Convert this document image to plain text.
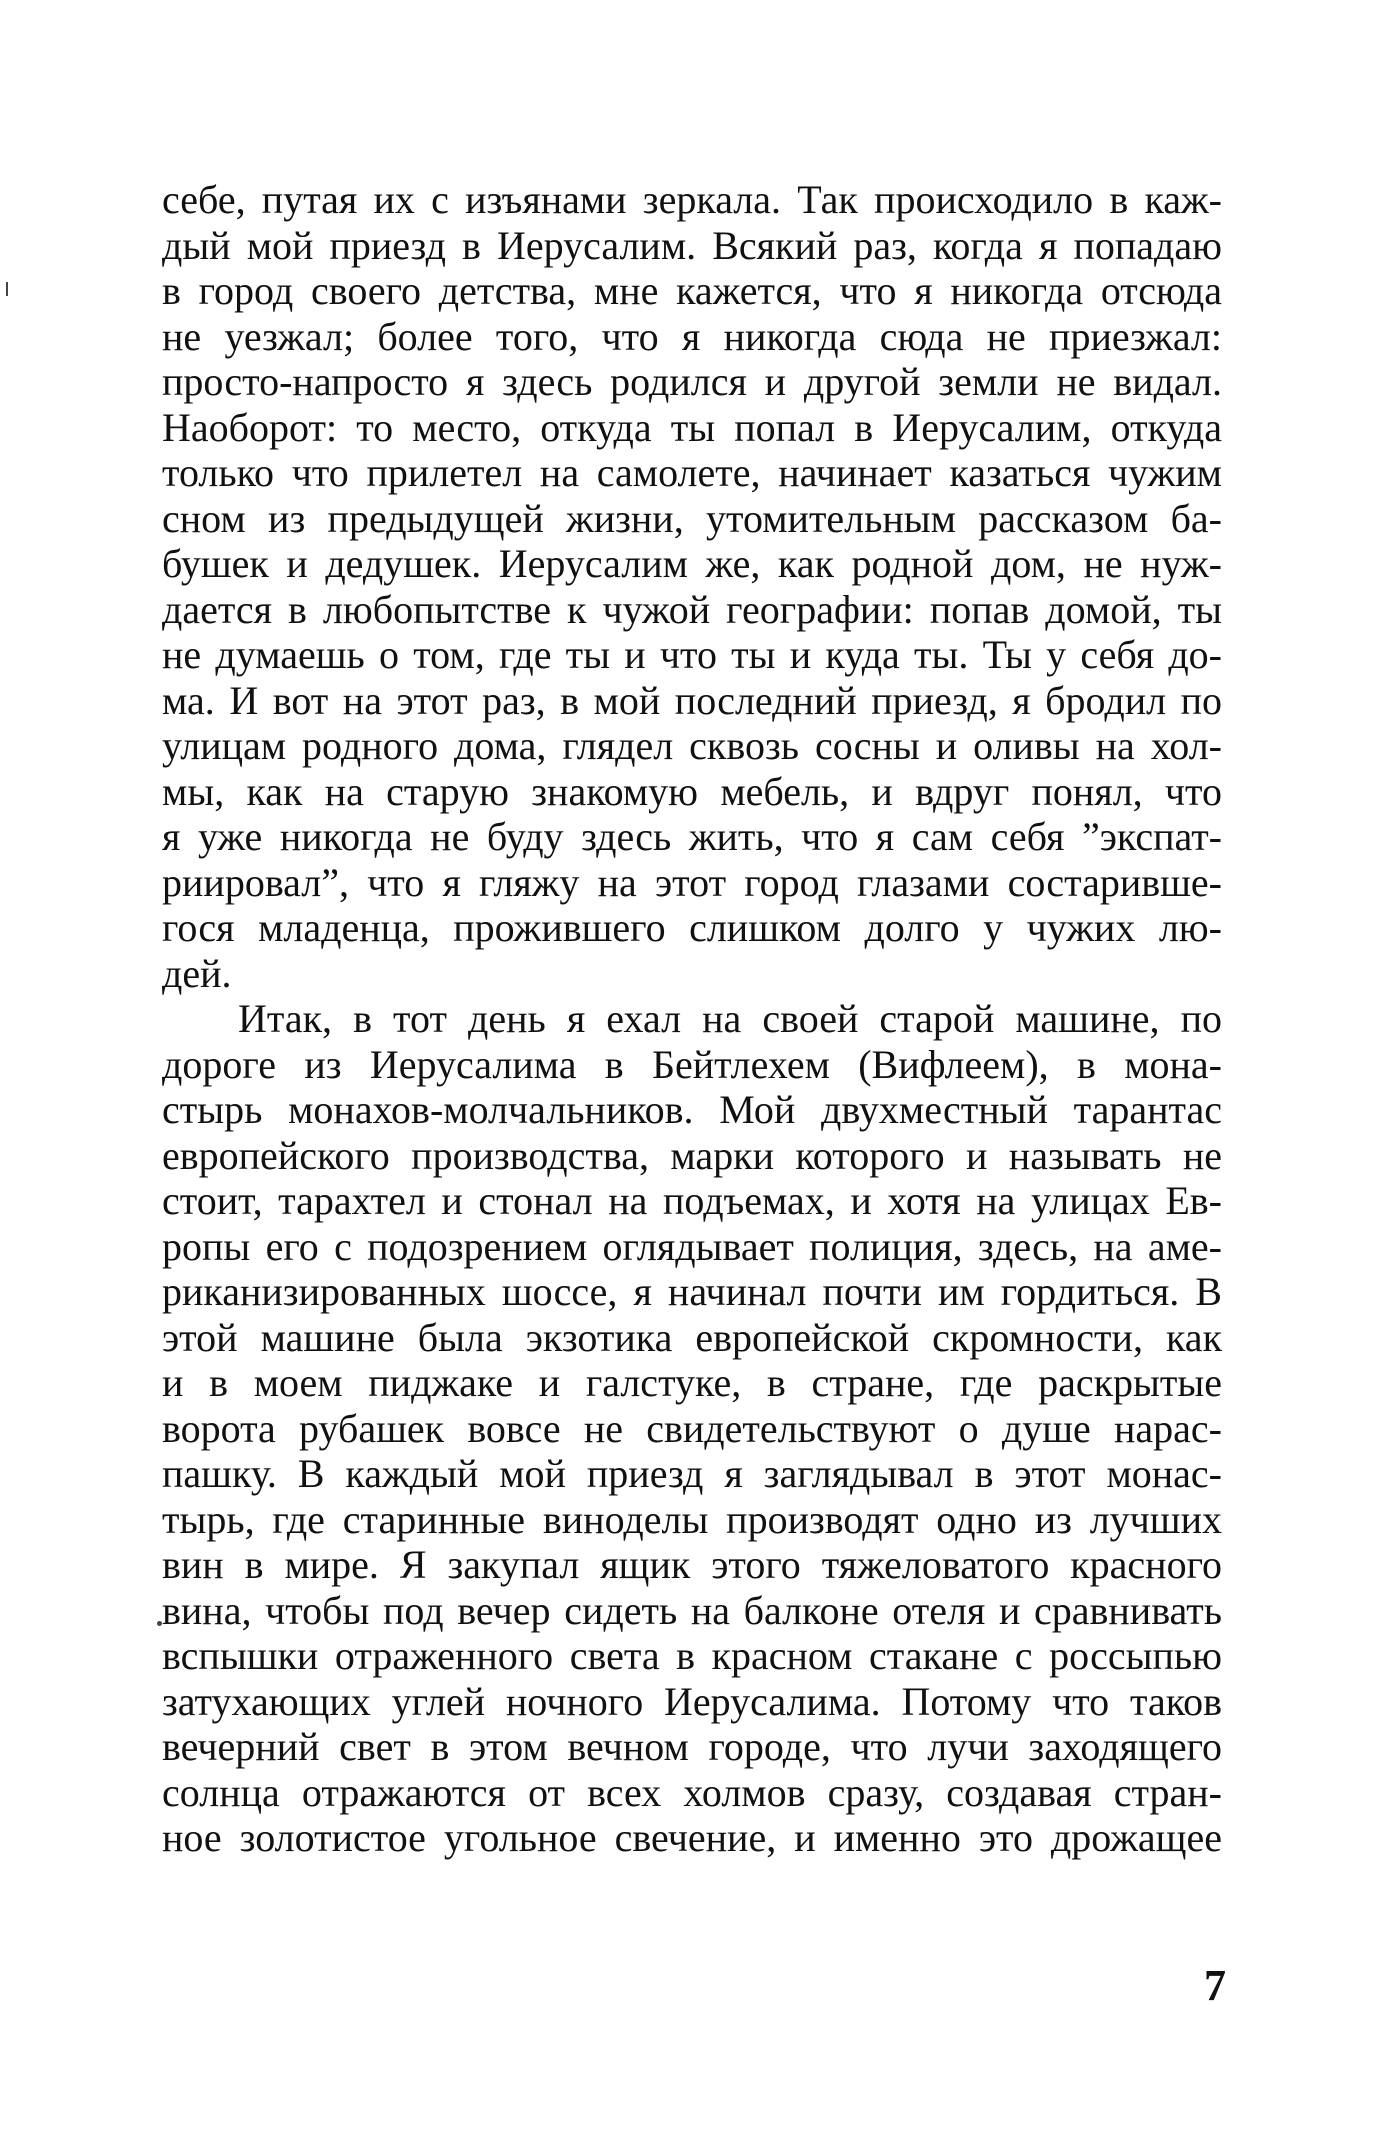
себе, путая их с изъянами зеркала. Так происходило в каж-
дый мой приезд в Иерусалим. Всякий раз, когда я попадаю
в город своего детства, мне кажется, что я никогда отсюда
не уезжал; более того, что я никогда сюда не приезжал:
просто-напросто я здесь родился и другой земли не видал.
Наоборот: то место, откуда ты попал в Иерусалим, откуда
только что прилетел на самолете, начинает казаться чужим
сном из предыдущей жизни, утомительным рассказом ба-
бушек и дедушек. Иерусалим же, как родной дом, не нуж-
дается в любопытстве к чужой географии: попав домой, ты
не думаешь о том, где ты и что ты и куда ты. Ты у себя до-
ма. И вот на этот раз, в мой последний приезд, я бродил по
улицам родного дома, глядел сквозь сосны и оливы на хол-
мы, как на старую знакомую мебель, и вдруг понял, что
я уже никогда не буду здесь жить, что я сам себя ”экспат-
риировал”, что я гляжу на этот город глазами состаривше-
гося младенца, прожившего слишком долго у чужих лю-
дей.
Итак, в тот день я ехал на своей старой машине, по
дороге из Иерусалима в Бейтлехем (Вифлеем), в мона-
стырь монахов-молчальников. Мой двухместный тарантас
европейского производства, марки которого и называть не
стоит, тарахтел и стонал на подъемах, и хотя на улицах Ев-
ропы его с подозрением оглядывает полиция, здесь, на аме-
риканизированных шоссе, я начинал почти им гордиться. В
этой машине была экзотика европейской скромности, как
и в моем пиджаке и галстуке, в стране, где раскрытые
ворота рубашек вовсе не свидетельствуют о душе нарас-
пашку. В каждый мой приезд я заглядывал в этот монас-
тырь, где старинные виноделы производят одно из лучших
вин в мире. Я закупал ящик этого тяжеловатого красного
вина, чтобы под вечер сидеть на балконе отеля и сравнивать
вспышки отраженного света в красном стакане с россыпью
затухающих углей ночного Иерусалима. Потому что таков
вечерний свет в этом вечном городе, что лучи заходящего
солнца отражаются от всех холмов сразу, создавая стран-
ное золотистое угольное свечение, и именно это дрожащее
7
